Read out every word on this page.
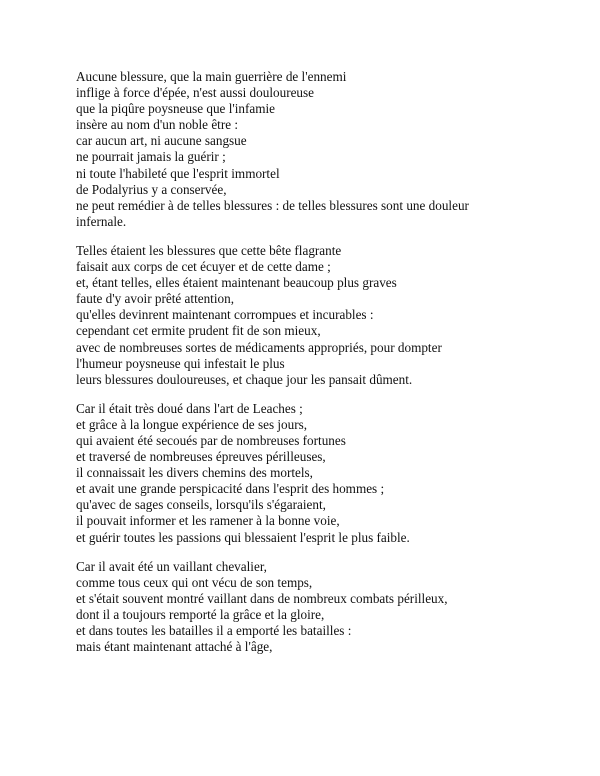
Aucune blessure, que la main guerrière de l'ennemi
inflige à force d'épée, n'est aussi douloureuse
que la piqûre poysneuse que l'infamie
insère au nom d'un noble être :
car aucun art, ni aucune sangsue
ne pourrait jamais la guérir ;
ni toute l'habileté que l'esprit immortel
de Podalyrius y a conservée,
ne peut remédier à de telles blessures : de telles blessures sont une douleur
infernale.
Telles étaient les blessures que cette bête flagrante
faisait aux corps de cet écuyer et de cette dame ;
et, étant telles, elles étaient maintenant beaucoup plus graves
faute d'y avoir prêté attention,
qu'elles devinrent maintenant corrompues et incurables :
cependant cet ermite prudent fit de son mieux,
avec de nombreuses sortes de médicaments appropriés, pour dompter
l'humeur poysneuse qui infestait le plus
leurs blessures douloureuses, et chaque jour les pansait dûment.
Car il était très doué dans l'art de Leaches ;
et grâce à la longue expérience de ses jours,
qui avaient été secoués par de nombreuses fortunes
et traversé de nombreuses épreuves périlleuses,
il connaissait les divers chemins des mortels,
et avait une grande perspicacité dans l'esprit des hommes ;
qu'avec de sages conseils, lorsqu'ils s'égaraient,
il pouvait informer et les ramener à la bonne voie,
et guérir toutes les passions qui blessaient l'esprit le plus faible.
Car il avait été un vaillant chevalier,
comme tous ceux qui ont vécu de son temps,
et s'était souvent montré vaillant dans de nombreux combats périlleux,
dont il a toujours remporté la grâce et la gloire,
et dans toutes les batailles il a emporté les batailles :
mais étant maintenant attaché à l'âge,
